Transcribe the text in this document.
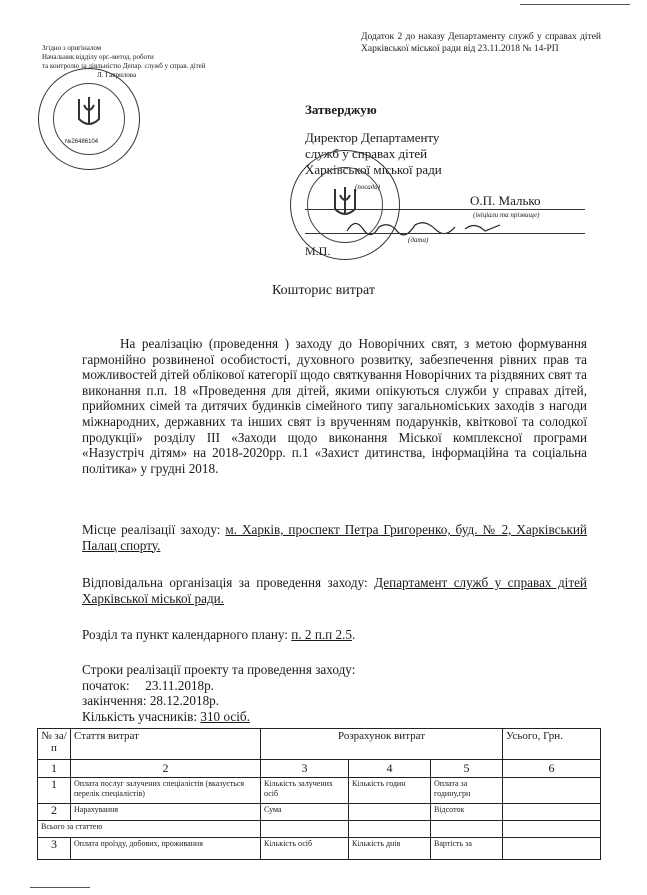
Згідно з оригіналом
Начальник відділу орг.-метод. роботи
та контролю за діяльністю Депар. служб у справ. дітей
Л. Гаврилова
№26486104
Додаток 2 до наказу Департаменту служб у справах дітей Харківської міської ради від 23.11.2018 № 14-РП
Затверджую
Директор Департаменту
служб у справах дітей
Харківської міської ради
(посада)
О.П. Малько
(ініціали та прізвище)
(дата)
М.П.
Кошторис витрат
На реалізацію (проведення ) заходу до Новорічних свят, з метою формування гармонійно розвиненої особистості, духовного розвитку, забезпечення рівних прав та можливостей дітей облікової категорії щодо святкування Новорічних та різдвяних свят та виконання п.п. 18 «Проведення для дітей, якими опікуються служби у справах дітей, прийомних сімей та дитячих будинків сімейного типу загальноміських заходів з нагоди міжнародних, державних та інших свят із врученням подарунків, квіткової та солодкої продукції» розділу ІІІ «Заходи щодо виконання Міської комплексної програми «Назустріч дітям» на 2018-2020рр. п.1 «Захист дитинства, інформаційна та соціальна політика» у грудні 2018.
Місце реалізації заходу: м. Харків, проспект Петра Григоренко, буд. № 2, Харківський Палац спорту.
Відповідальна організація за проведення заходу: Департамент служб у справах дітей Харківської міської ради.
Розділ та пункт календарного плану: п. 2 п.п 2.5.
Строки реалізації проекту та проведення заходу:
початок: 23.11.2018р.
закінчення: 28.12.2018р.
Кількість учасників: 310 осіб.
№ за/п	Стаття витрат	Розрахунок витрат			Усього, Грн.
1	2	3	4	5	6
1	Оплата послуг залучених спеціалістів (вказується перелік спеціалістів)	Кількість залучених осіб	Кількість годин	Оплата за годину,грн	
2	Нарахування	Сума		Відсоток	
Всього за статтею					
3	Оплата проїзду, добових, проживання	Кількість осіб	Кількість днів	Вартість за	
